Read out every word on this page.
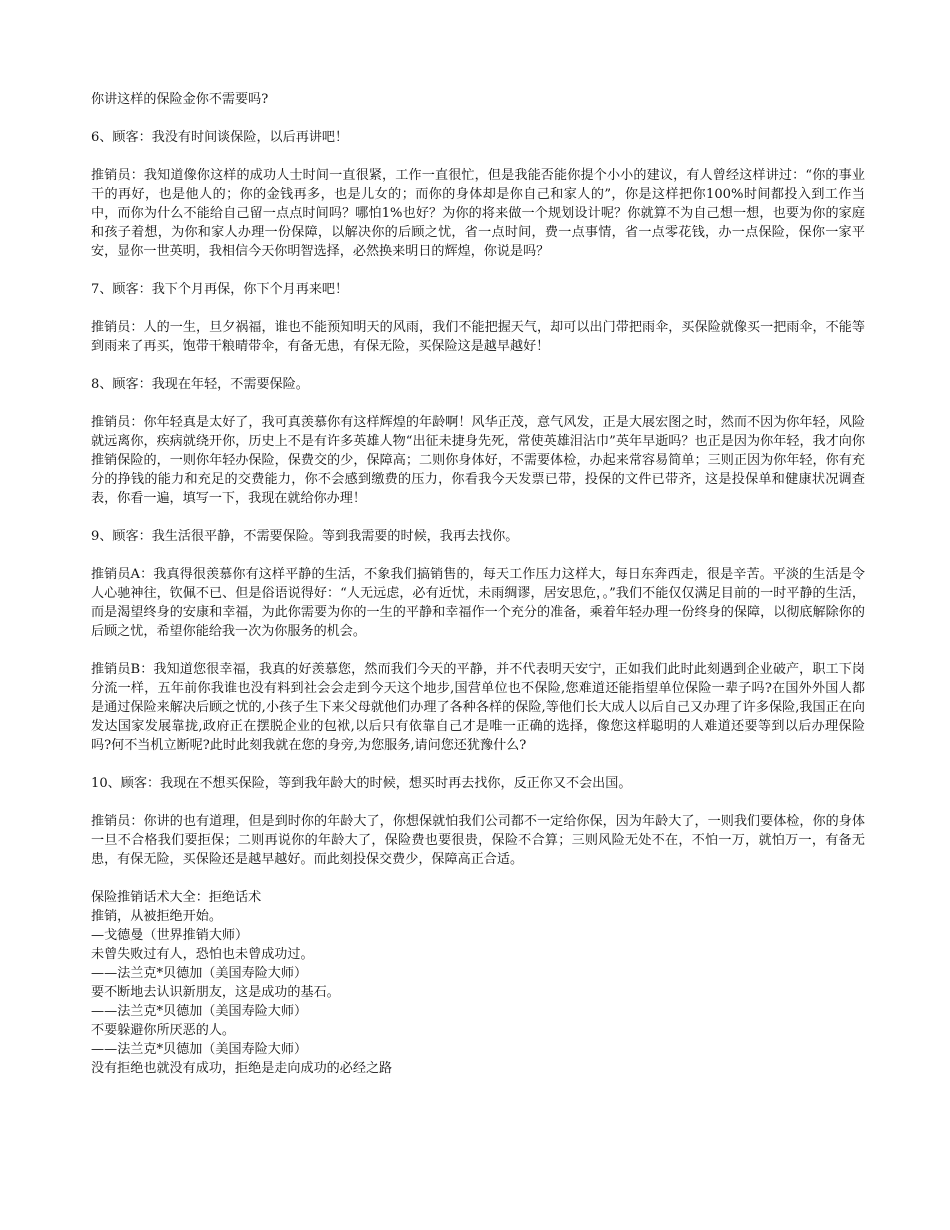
你讲这样的保险金你不需要吗?

6、顾客：我没有时间谈保险，以后再讲吧！

推销员：我知道像你这样的成功人士时间一直很紧，工作一直很忙，但是我能否能你提个小小的建议，有人曾经这样讲过：“你的事业干的再好，也是他人的；你的金钱再多，也是儿女的；而你的身体却是你自己和家人的”，你是这样把你100%时间都投入到工作当中，而你为什么不能给自己留一点点时间吗？哪怕1%也好？为你的将来做一个规划设计呢？你就算不为自己想一想，也要为你的家庭和孩子着想，为你和家人办理一份保障，以解决你的后顾之忧，省一点时间，费一点事情，省一点零花钱，办一点保险，保你一家平安，显你一世英明，我相信今天你明智选择，必然换来明日的辉煌，你说是吗？

7、顾客：我下个月再保，你下个月再来吧！

推销员：人的一生，旦夕祸福，谁也不能预知明天的风雨，我们不能把握天气，却可以出门带把雨伞，买保险就像买一把雨伞，不能等到雨来了再买，饱带干粮晴带伞，有备无患，有保无险，买保险这是越早越好！

8、顾客：我现在年轻，不需要保险。

推销员：你年轻真是太好了，我可真羡慕你有这样辉煌的年龄啊！风华正茂，意气风发，正是大展宏图之时，然而不因为你年轻，风险就远离你，疾病就绕开你，历史上不是有许多英雄人物“出征未捷身先死，常使英雄泪沾巾”英年早逝吗？也正是因为你年轻，我才向你推销保险的，一则你年轻办保险，保费交的少，保障高；二则你身体好，不需要体检，办起来常容易简单；三则正因为你年轻，你有充分的挣钱的能力和充足的交费能力，你不会感到缴费的压力，你看我今天发票已带，投保的文件已带齐，这是投保单和健康状况调查表，你看一遍，填写一下，我现在就给你办理！

9、顾客：我生活很平静，不需要保险。等到我需要的时候，我再去找你。

推销员A：我真得很羡慕你有这样平静的生活，不象我们搞销售的，每天工作压力这样大，每日东奔西走，很是辛苦。平淡的生活是令人心驰神往，钦佩不已、但是俗语说得好：“人无远虑，必有近忧，未雨绸谬，居安思危，。”我们不能仅仅满足目前的一时平静的生活，而是渴望终身的安康和幸福，为此你需要为你的一生的平静和幸福作一个充分的准备，乘着年轻办理一份终身的保障，以彻底解除你的后顾之忧，希望你能给我一次为你服务的机会。

推销员B：我知道您很幸福，我真的好羡慕您，然而我们今天的平静，并不代表明天安宁，正如我们此时此刻遇到企业破产，职工下岗分流一样，五年前你我谁也没有料到社会会走到今天这个地步,国营单位也不保险,您难道还能指望单位保险一辈子吗?在国外外国人都是通过保险来解决后顾之忧的,小孩子生下来父母就他们办理了各种各样的保险,等他们长大成人以后自己又办理了许多保险,我国正在向发达国家发展靠拢,政府正在摆脱企业的包袱,以后只有依靠自己才是唯一正确的选择，像您这样聪明的人难道还要等到以后办理保险吗?何不当机立断呢?此时此刻我就在您的身旁,为您服务,请问您还犹豫什么?

10、顾客：我现在不想买保险，等到我年龄大的时候，想买时再去找你，反正你又不会出国。

推销员：你讲的也有道理，但是到时你的年龄大了，你想保就怕我们公司都不一定给你保，因为年龄大了，一则我们要体检，你的身体一旦不合格我们要拒保；二则再说你的年龄大了，保险费也要很贵，保险不合算；三则风险无处不在，不怕一万，就怕万一，有备无患，有保无险，买保险还是越早越好。而此刻投保交费少，保障高正合适。

保险推销话术大全：拒绝话术

推销，从被拒绝开始。

—戈德曼（世界推销大师）

未曾失败过有人，恐怕也未曾成功过。

——法兰克*贝德加（美国寿险大师）

要不断地去认识新朋友，这是成功的基石。

——法兰克*贝德加（美国寿险大师）

不要躲避你所厌恶的人。

——法兰克*贝德加（美国寿险大师）

没有拒绝也就没有成功，拒绝是走向成功的必经之路
